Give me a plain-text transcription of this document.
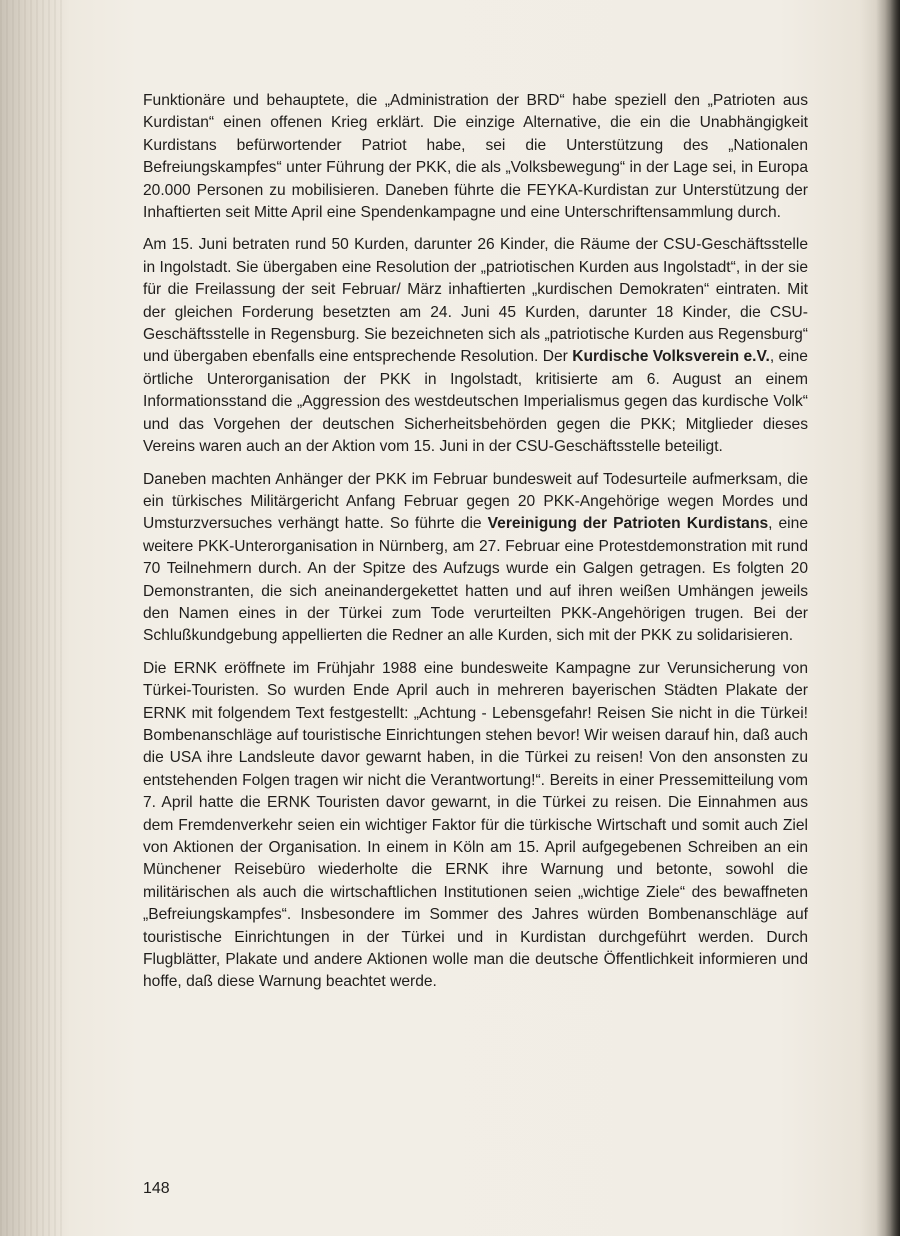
Funktionäre und behauptete, die „Administration der BRD“ habe speziell den „Patrioten aus Kurdistan“ einen offenen Krieg erklärt. Die einzige Alternative, die ein die Unabhängigkeit Kurdistans befürwortender Patriot habe, sei die Unterstützung des „Nationalen Befreiungskampfes“ unter Führung der PKK, die als „Volksbewegung“ in der Lage sei, in Europa 20.000 Personen zu mobilisieren. Daneben führte die FEYKA-Kurdistan zur Unterstützung der Inhaftierten seit Mitte April eine Spendenkampagne und eine Unterschriftensammlung durch.

Am 15. Juni betraten rund 50 Kurden, darunter 26 Kinder, die Räume der CSU-Geschäftsstelle in Ingolstadt. Sie übergaben eine Resolution der „patriotischen Kurden aus Ingolstadt“, in der sie für die Freilassung der seit Februar/ März inhaftierten „kurdischen Demokraten“ eintraten. Mit der gleichen Forderung besetzten am 24. Juni 45 Kurden, darunter 18 Kinder, die CSU-Geschäftsstelle in Regensburg. Sie bezeichneten sich als „patriotische Kurden aus Regensburg“ und übergaben ebenfalls eine entsprechende Resolution. Der Kurdische Volksverein e.V., eine örtliche Unterorganisation der PKK in Ingolstadt, kritisierte am 6. August an einem Informationsstand die „Aggression des westdeutschen Imperialismus gegen das kurdische Volk“ und das Vorgehen der deutschen Sicherheitsbehörden gegen die PKK; Mitglieder dieses Vereins waren auch an der Aktion vom 15. Juni in der CSU-Geschäftsstelle beteiligt.

Daneben machten Anhänger der PKK im Februar bundesweit auf Todesurteile aufmerksam, die ein türkisches Militärgericht Anfang Februar gegen 20 PKK-Angehörige wegen Mordes und Umsturzversuches verhängt hatte. So führte die Vereinigung der Patrioten Kurdistans, eine weitere PKK-Unterorganisation in Nürnberg, am 27. Februar eine Protestdemonstration mit rund 70 Teilnehmern durch. An der Spitze des Aufzugs wurde ein Galgen getragen. Es folgten 20 Demonstranten, die sich aneinandergekettet hatten und auf ihren weißen Umhängen jeweils den Namen eines in der Türkei zum Tode verurteilten PKK-Angehörigen trugen. Bei der Schlußkundgebung appellierten die Redner an alle Kurden, sich mit der PKK zu solidarisieren.

Die ERNK eröffnete im Frühjahr 1988 eine bundesweite Kampagne zur Verunsicherung von Türkei-Touristen. So wurden Ende April auch in mehreren bayerischen Städten Plakate der ERNK mit folgendem Text festgestellt: „Achtung - Lebensgefahr! Reisen Sie nicht in die Türkei! Bombenanschläge auf touristische Einrichtungen stehen bevor! Wir weisen darauf hin, daß auch die USA ihre Landsleute davor gewarnt haben, in die Türkei zu reisen! Von den ansonsten zu entstehenden Folgen tragen wir nicht die Verantwortung!“. Bereits in einer Pressemitteilung vom 7. April hatte die ERNK Touristen davor gewarnt, in die Türkei zu reisen. Die Einnahmen aus dem Fremdenverkehr seien ein wichtiger Faktor für die türkische Wirtschaft und somit auch Ziel von Aktionen der Organisation. In einem in Köln am 15. April aufgegebenen Schreiben an ein Münchener Reisebüro wiederholte die ERNK ihre Warnung und betonte, sowohl die militärischen als auch die wirtschaftlichen Institutionen seien „wichtige Ziele“ des bewaffneten „Befreiungskampfes“. Insbesondere im Sommer des Jahres würden Bombenanschläge auf touristische Einrichtungen in der Türkei und in Kurdistan durchgeführt werden. Durch Flugblätter, Plakate und andere Aktionen wolle man die deutsche Öffentlichkeit informieren und hoffe, daß diese Warnung beachtet werde.

148
